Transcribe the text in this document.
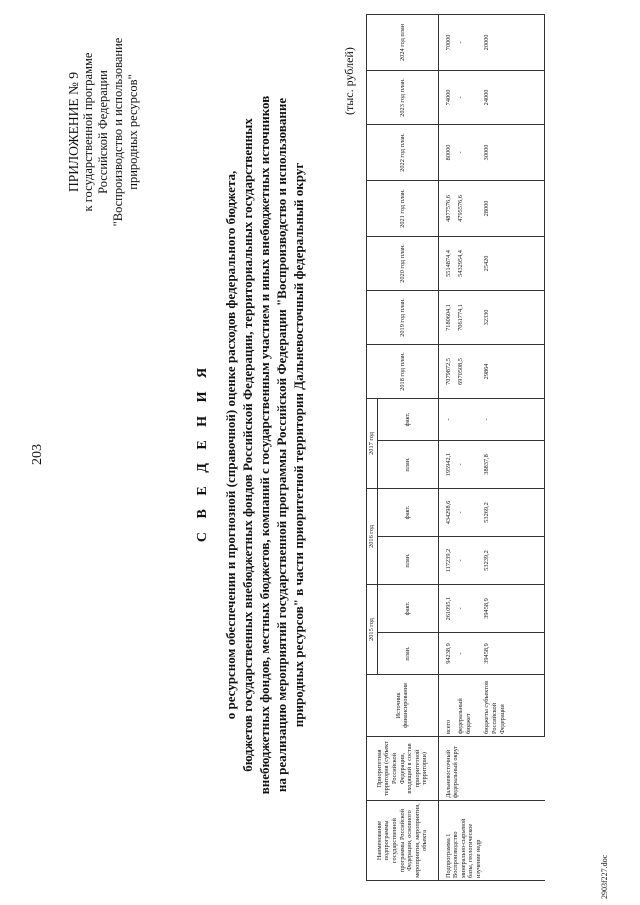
203
ПРИЛОЖЕНИЕ № 9 к государственной программе Российской Федерации "Воспроизводство и использование природных ресурсов"
С В Е Д Е Н И Я о ресурсном обеспечении и прогнозной (справочной) оценке расходов федерального бюджета, бюджетов государственных внебюджетных фондов Российской Федерации, территориальных государственных внебюджетных фондов, местных бюджетов, компаний с государственным участием и иных внебюджетных источников на реализацию мероприятий государственной программы Российской Федерации "Воспроизводство и использование природных ресурсов" в части приоритетной территории Дальневосточный федеральный округ
(тыс. рублей)
Наименование подпрограммы государственной программы Российской Федерации, основного мероприятия, мероприятия, объекта	Приоритетная территория (субъект Российской Федерации, входящий в состав приоритетной территории)	Источник финансирования	2015 год		2016 год		2017 год		2018 год план.	2019 год план.	2020 год план.	2021 год план.	2022 год план.	2023 год план.	2024 год план
			план.	факт.	план.	факт.	план.	факт.							
Подпрограмма 1 Воспроизводство минерально-сырьевой базы, геологическое изучение недр	Дальневосточный федеральный округ	всего	94238,9	261095,1	117239,2	434298,6	195942,1	-	7079872,5	7180604,1	5514874,4	4877576,6	80000	74000	70000
		федеральный бюджет	-	-	-	-	-		6970508,5	7061774,1	5432954,4	4795576,6	-	-	-
		бюджеты субъектов Российской Федерации	39458,9	39458,9	53239,2	53269,2	38837,8	-	29864	32330	25420	28000	30000	24000	20000
2903f227.doc
